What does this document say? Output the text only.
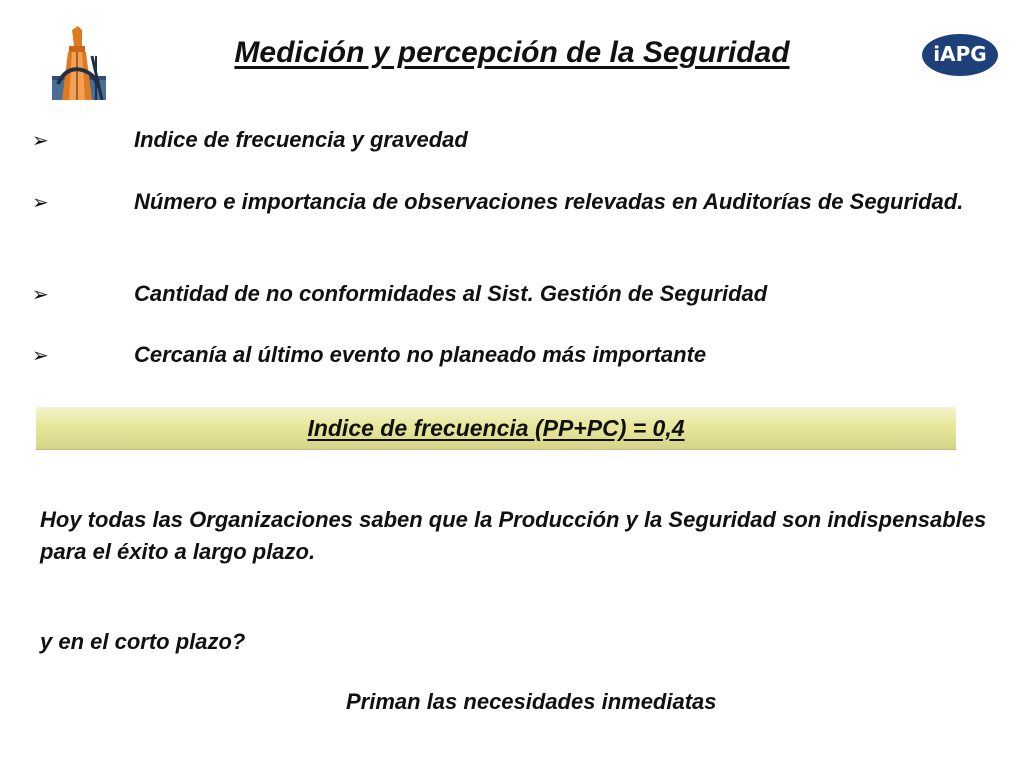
Medición y percepción de la Seguridad	iAPG
➢	Indice de frecuencia y gravedad
➢	Número e importancia de observaciones relevadas en Auditorías de Seguridad.
➢	Cantidad de no conformidades al Sist. Gestión de Seguridad
➢	Cercanía al último evento no planeado más importante
Indice de frecuencia (PP+PC) = 0,4
Hoy todas las Organizaciones saben que la Producción y la Seguridad son indispensables para el éxito a largo plazo.
y en el corto plazo?
Priman las necesidades inmediatas
